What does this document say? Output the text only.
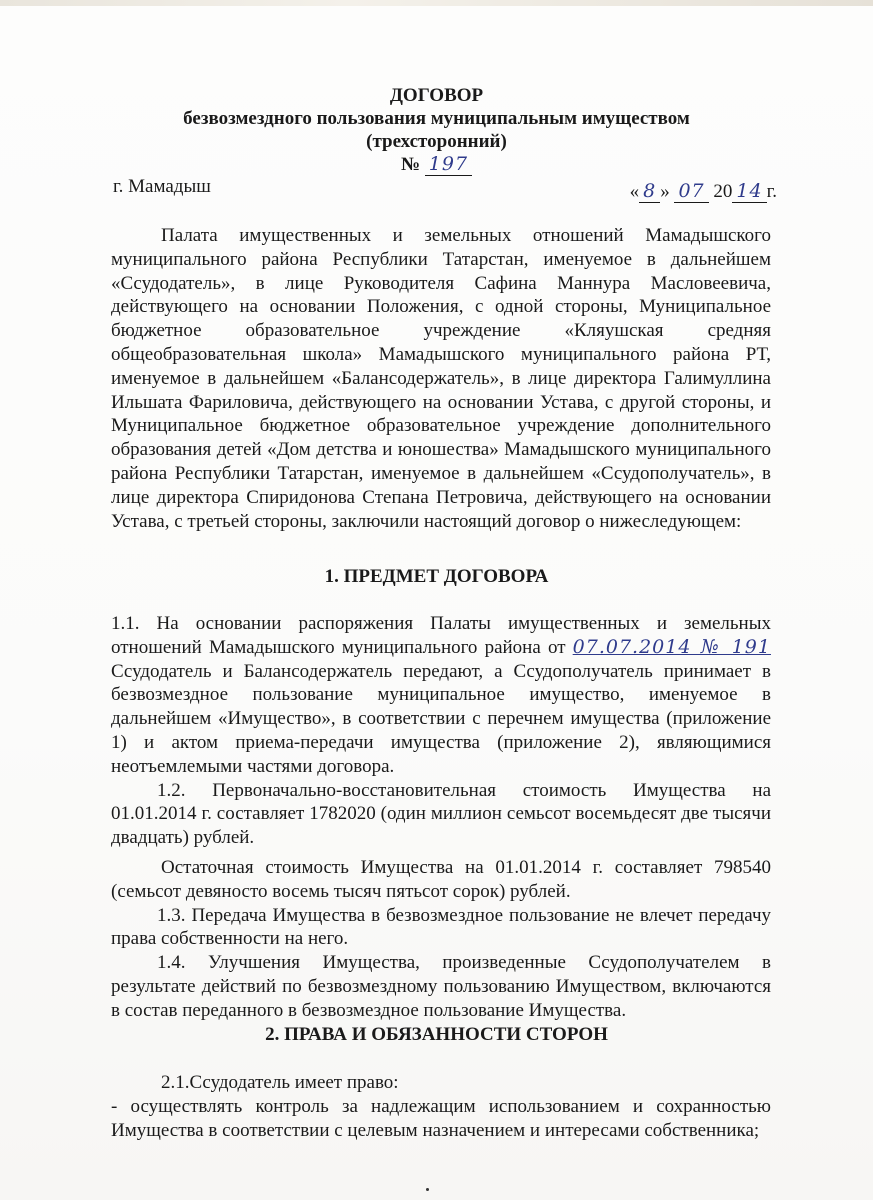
ДОГОВОР
безвозмездного пользования муниципальным имуществом
(трехсторонний)
№ 197
г. Мамадыш	« 8 » 07 20 14 г.

Палата имущественных и земельных отношений Мамадышского муниципального района Республики Татарстан, именуемое в дальнейшем «Ссудодатель», в лице Руководителя Сафина Маннура Масловеевича, действующего на основании Положения, с одной стороны, Муниципальное бюджетное образовательное учреждение «Кляушская средняя общеобразовательная школа» Мамадышского муниципального района РТ, именуемое в дальнейшем «Балансодержатель», в лице директора Галимуллина Ильшата Фариловича, действующего на основании Устава, с другой стороны, и Муниципальное бюджетное образовательное учреждение дополнительного образования детей «Дом детства и юношества» Мамадышского муниципального района Республики Татарстан, именуемое в дальнейшем «Ссудополучатель», в лице директора Спиридонова Степана Петровича, действующего на основании Устава, с третьей стороны, заключили настоящий договор о нижеследующем:

1. ПРЕДМЕТ ДОГОВОРА

1.1. На основании распоряжения Палаты имущественных и земельных отношений Мамадышского муниципального района от 07.07.2014 № 191 Ссудодатель и Балансодержатель передают, а Ссудополучатель принимает в безвозмездное пользование муниципальное имущество, именуемое в дальнейшем «Имущество», в соответствии с перечнем имущества (приложение 1) и актом приема-передачи имущества (приложение 2), являющимися неотъемлемыми частями договора.

1.2. Первоначально-восстановительная стоимость Имущества на 01.01.2014 г. составляет 1782020 (один миллион семьсот восемьдесят две тысячи двадцать) рублей.

Остаточная стоимость Имущества на 01.01.2014 г. составляет 798540 (семьсот девяносто восемь тысяч пятьсот сорок) рублей.

1.3. Передача Имущества в безвозмездное пользование не влечет передачу права собственности на него.

1.4. Улучшения Имущества, произведенные Ссудополучателем в результате действий по безвозмездному пользованию Имуществом, включаются в состав переданного в безвозмездное пользование Имущества.

2. ПРАВА И ОБЯЗАННОСТИ СТОРОН

2.1.Ссудодатель имеет право:

- осуществлять контроль за надлежащим использованием и сохранностью Имущества в соответствии с целевым назначением и интересами собственника;
